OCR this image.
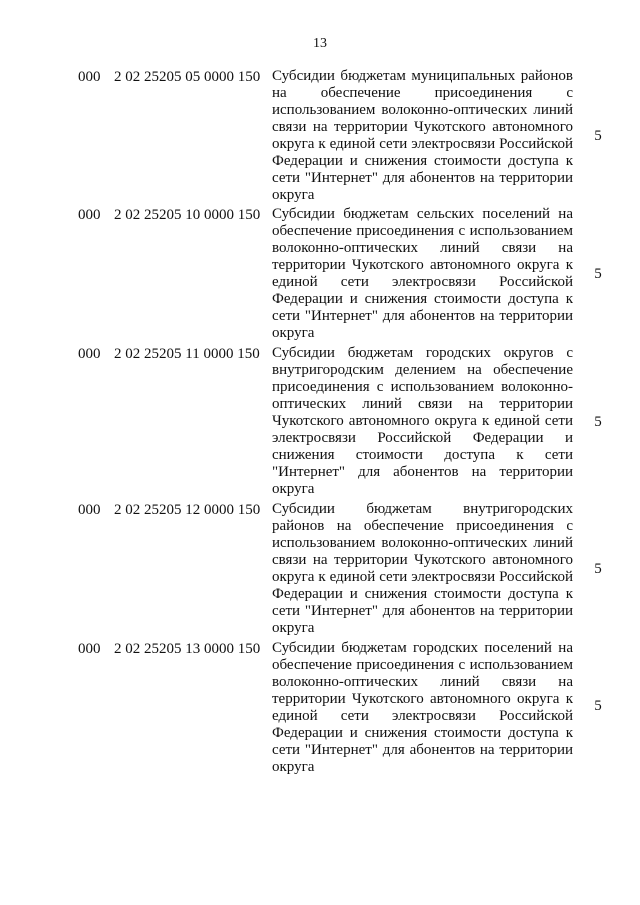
13
000 2 02 25205 05 0000 150 Субсидии бюджетам муниципальных районов
на обеспечение присоединения с
использованием волоконно-оптических линий
связи на территории Чукотского автономного
округа к единой сети электросвязи Российской
Федерации и снижения стоимости доступа к
сети "Интернет" для абонентов на территории
округа
5
000 2 02 25205 10 0000 150 Субсидии бюджетам сельских поселений на
обеспечение присоединения с использованием
волоконно-оптических линий связи на
территории Чукотского автономного округа к
единой сети электросвязи Российской
Федерации и снижения стоимости доступа к
сети "Интернет" для абонентов на территории
округа
5
000 2 02 25205 11 0000 150 Субсидии бюджетам городских округов с
внутригородским делением на обеспечение
присоединения с использованием волоконно-
оптических линий связи на территории
Чукотского автономного округа к единой сети
электросвязи Российской Федерации и
снижения стоимости доступа к сети
"Интернет" для абонентов на территории
округа
5
000 2 02 25205 12 0000 150 Субсидии бюджетам внутригородских
районов на обеспечение присоединения с
использованием волоконно-оптических линий
связи на территории Чукотского автономного
округа к единой сети электросвязи Российской
Федерации и снижения стоимости доступа к
сети "Интернет" для абонентов на территории
округа
5
000 2 02 25205 13 0000 150 Субсидии бюджетам городских поселений на
обеспечение присоединения с использованием
волоконно-оптических линий связи на
территории Чукотского автономного округа к
единой сети электросвязи Российской
Федерации и снижения стоимости доступа к
сети "Интернет" для абонентов на территории
округа
5
